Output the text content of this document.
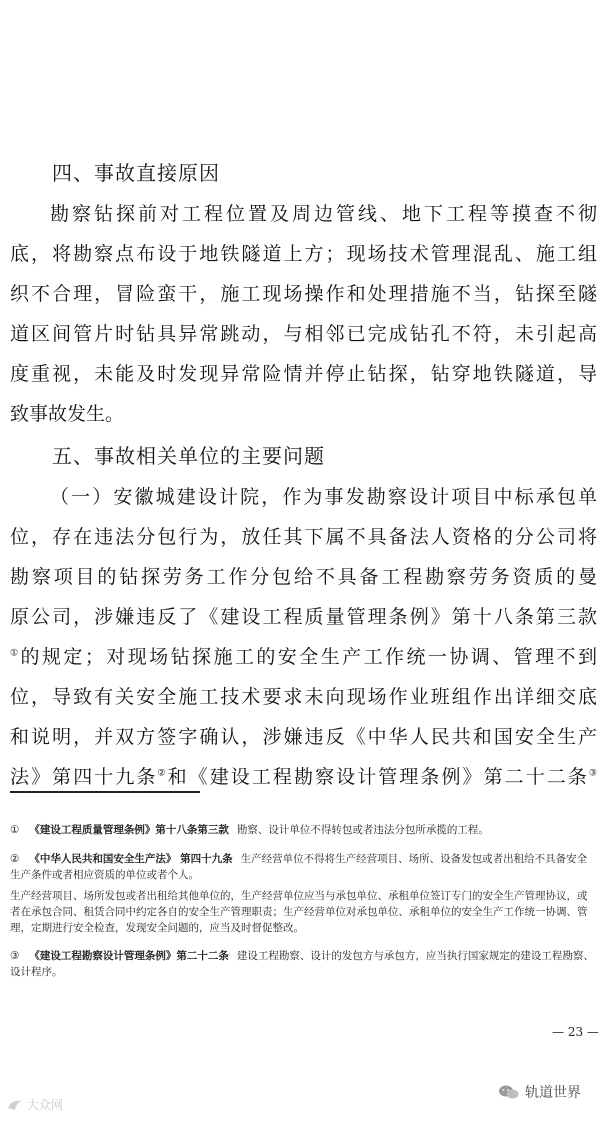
四、事故直接原因
勘察钻探前对工程位置及周边管线、地下工程等摸查不彻
底，将勘察点布设于地铁隧道上方；现场技术管理混乱、施工组
织不合理，冒险蛮干，施工现场操作和处理措施不当，钻探至隧
道区间管片时钻具异常跳动，与相邻已完成钻孔不符，未引起高
度重视，未能及时发现异常险情并停止钻探，钻穿地铁隧道，导
致事故发生。
五、事故相关单位的主要问题
（一）安徽城建设计院，作为事发勘察设计项目中标承包单
位，存在违法分包行为，放任其下属不具备法人资格的分公司将
勘察项目的钻探劳务工作分包给不具备工程勘察劳务资质的曼
原公司，涉嫌违反了《建设工程质量管理条例》第十八条第三款
①的规定；对现场钻探施工的安全生产工作统一协调、管理不到
位，导致有关安全施工技术要求未向现场作业班组作出详细交底
和说明，并双方签字确认，涉嫌违反《中华人民共和国安全生产
法》第四十九条②和《建设工程勘察设计管理条例》第二十二条③
① 《建设工程质量管理条例》第十八条第三款 勘察、设计单位不得转包或者违法分包所承揽的工程。
② 《中华人民共和国安全生产法》 第四十九条 生产经营单位不得将生产经营项目、场所、设备发包或者出租给不具备安全生产条件或者相应资质的单位或者个人。
生产经营项目、场所发包或者出租给其他单位的，生产经营单位应当与承包单位、承租单位签订专门的安全生产管理协议，或者在承包合同、租赁合同中约定各自的安全生产管理职责；生产经营单位对承包单位、承租单位的安全生产工作统一协调、管理，定期进行安全检查，发现安全问题的，应当及时督促整改。
③ 《建设工程勘察设计管理条例》第二十二条 建设工程勘察、设计的发包方与承包方，应当执行国家规定的建设工程勘察、设计程序。
— 23 —
轨道世界
大众网
